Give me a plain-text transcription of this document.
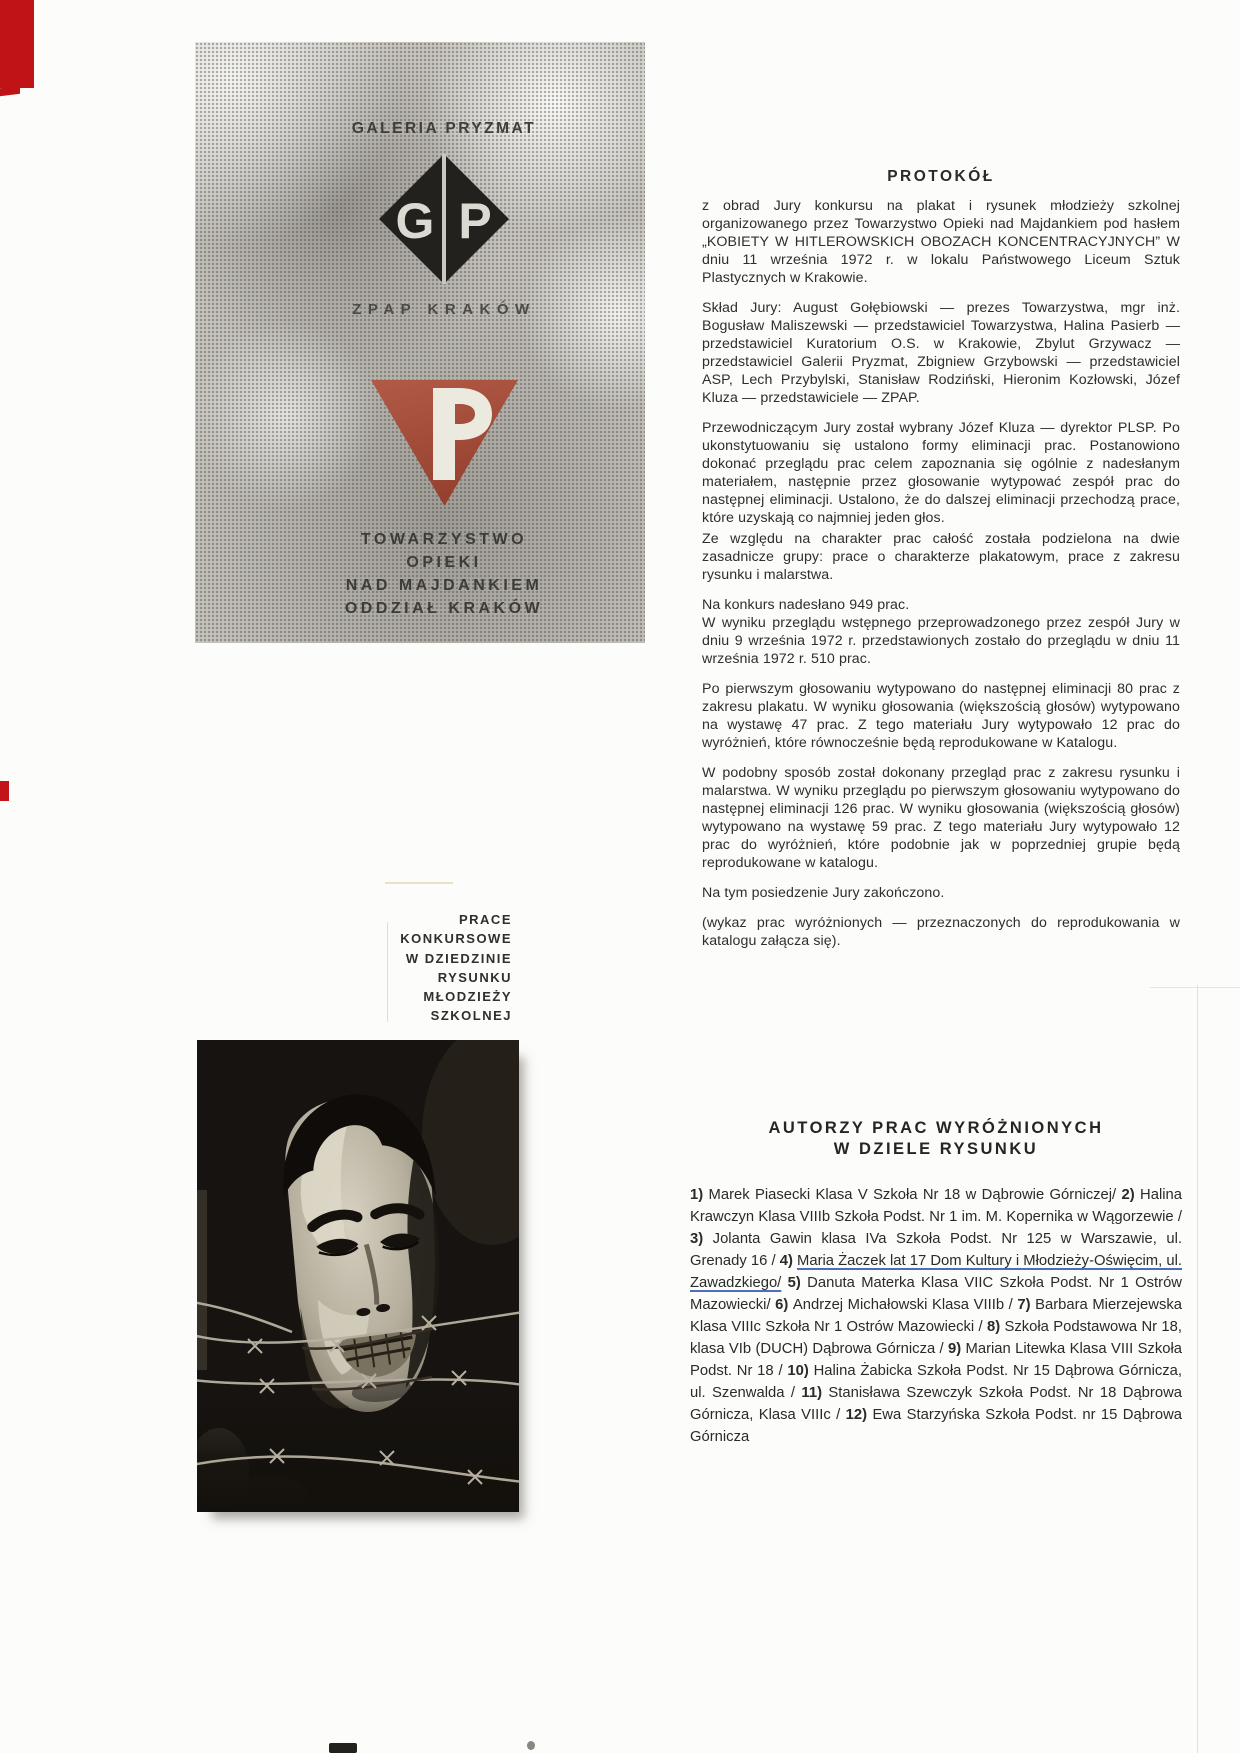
GALERIA PRYZMAT
G P
ZPAP KRAKÓW
TOWARZYSTWO
OPIEKI
NAD MAJDANKIEM
ODDZIAŁ KRAKÓW
PRACE
KONKURSOWE
W DZIEDZINIE
RYSUNKU
MŁODZIEŻY
SZKOLNEJ
PROTOKÓŁ

z obrad Jury konkursu na plakat i rysunek młodzieży szkolnej organizowanego przez Towarzystwo Opieki nad Majdankiem pod hasłem „KOBIETY W HITLEROWSKICH OBOZACH KONCENTRACYJNYCH” W dniu 11 września 1972 r. w lokalu Państwowego Liceum Sztuk Plastycznych w Krakowie.

Skład Jury: August Gołębiowski — prezes Towarzystwa, mgr inż. Bogusław Maliszewski — przedstawiciel Towarzystwa, Halina Pasierb — przedstawiciel Kuratorium O.S. w Krakowie, Zbylut Grzywacz — przedstawiciel Galerii Pryzmat, Zbigniew Grzybowski — przedstawiciel ASP, Lech Przybylski, Stanisław Rodziński, Hieronim Kozłowski, Józef Kluza — przedstawiciele — ZPAP.

Przewodniczącym Jury został wybrany Józef Kluza — dyrektor PLSP. Po ukonstytuowaniu się ustalono formy eliminacji prac. Postanowiono dokonać przeglądu prac celem zapoznania się ogólnie z nadesłanym materiałem, następnie przez głosowanie wytypować zespół prac do następnej eliminacji. Ustalono, że do dalszej eliminacji przechodzą prace, które uzyskają co najmniej jeden głos.

Ze względu na charakter prac całość została podzielona na dwie zasadnicze grupy: prace o charakterze plakatowym, prace z zakresu rysunku i malarstwa.

Na konkurs nadesłano 949 prac.

W wyniku przeglądu wstępnego przeprowadzonego przez zespół Jury w dniu 9 września 1972 r. przedstawionych zostało do przeglądu w dniu 11 września 1972 r. 510 prac.

Po pierwszym głosowaniu wytypowano do następnej eliminacji 80 prac z zakresu plakatu. W wyniku głosowania (większością głosów) wytypowano na wystawę 47 prac. Z tego materiału Jury wytypowało 12 prac do wyróżnień, które równocześnie będą reprodukowane w Katalogu.

W podobny sposób został dokonany przegląd prac z zakresu rysunku i malarstwa. W wyniku przeglądu po pierwszym głosowaniu wytypowano do następnej eliminacji 126 prac. W wyniku głosowania (większością głosów) wytypowano na wystawę 59 prac. Z tego materiału Jury wytypowało 12 prac do wyróżnień, które podobnie jak w poprzedniej grupie będą reprodukowane w katalogu.

Na tym posiedzenie Jury zakończono.

(wykaz prac wyróżnionych — przeznaczonych do reprodukowania w katalogu załącza się).

AUTORZY PRAC WYRÓŻNIONYCH
W DZIELE RYSUNKU

1) Marek Piasecki Klasa V Szkoła Nr 18 w Dąbrowie Górniczej/ 2) Halina Krawczyn Klasa VIIIb Szkoła Podst. Nr 1 im. M. Kopernika w Wągorzewie / 3) Jolanta Gawin klasa IVa Szkoła Podst. Nr 125 w Warszawie, ul. Grenady 16 / 4) Maria Żaczek lat 17 Dom Kultury i Młodzieży-Oświęcim, ul. Zawadzkiego/ 5) Danuta Materka Klasa VIIC Szkoła Podst. Nr 1 Ostrów Mazowiecki/ 6) Andrzej Michałowski Klasa VIIIb / 7) Barbara Mierzejewska Klasa VIIIc Szkoła Nr 1 Ostrów Mazowiecki / 8) Szkoła Podstawowa Nr 18, klasa VIb (DUCH) Dąbrowa Górnicza / 9) Marian Litewka Klasa VIII Szkoła Podst. Nr 18 / 10) Halina Żabicka Szkoła Podst. Nr 15 Dąbrowa Górnicza, ul. Szenwalda / 11) Stanisława Szewczyk Szkoła Podst. Nr 18 Dąbrowa Górnicza, Klasa VIIIc / 12) Ewa Starzyńska Szkoła Podst. nr 15 Dąbrowa Górnicza
